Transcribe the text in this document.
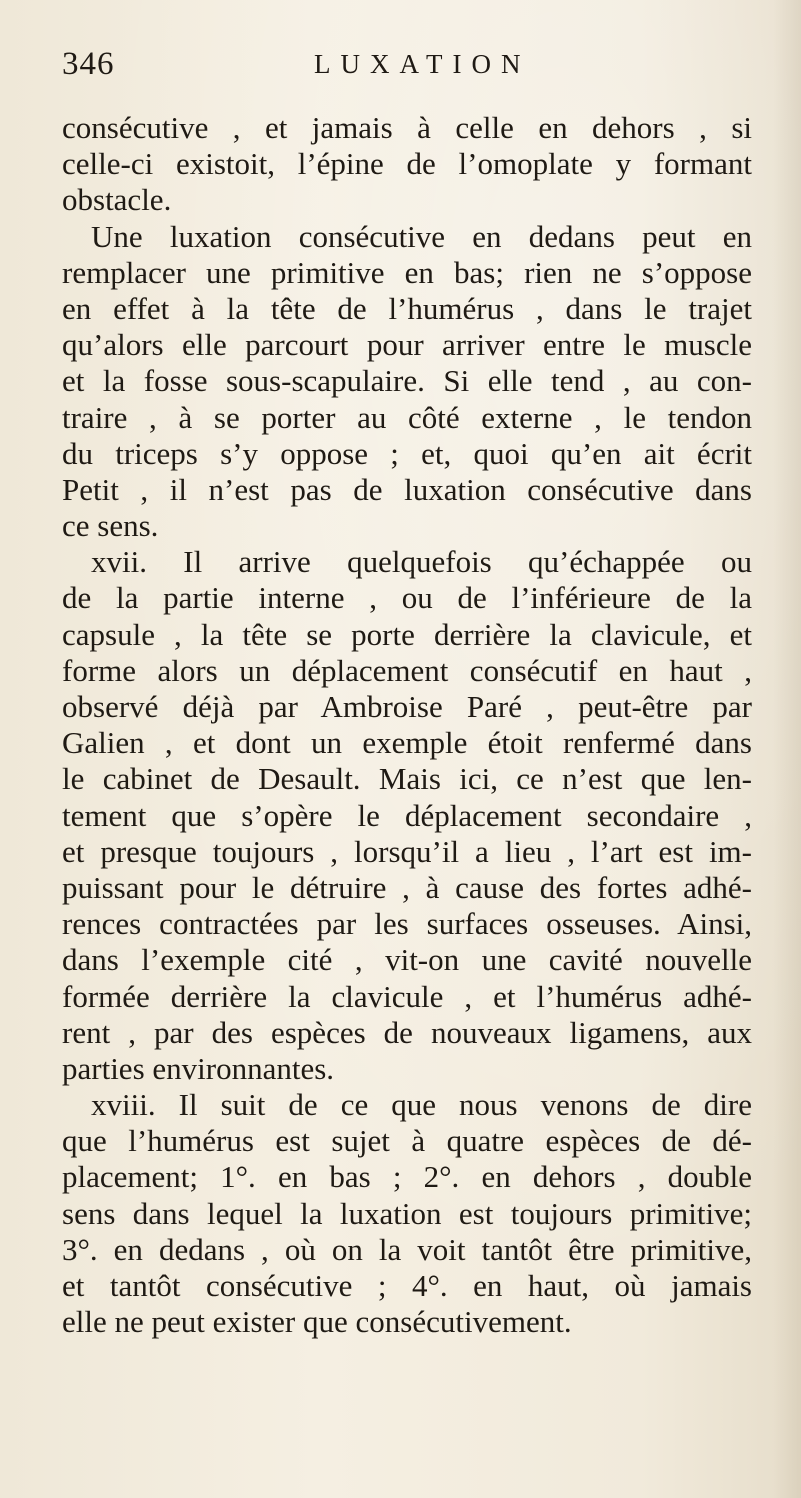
346	LUXATION
consécutive , et jamais à celle en dehors , si
celle-ci existoit, l’épine de l’omoplate y formant
obstacle.
Une luxation consécutive en dedans peut en
remplacer une primitive en bas; rien ne s’oppose
en effet à la tête de l’humérus , dans le trajet
qu’alors elle parcourt pour arriver entre le muscle
et la fosse sous-scapulaire. Si elle tend , au con-
traire , à se porter au côté externe , le tendon
du triceps s’y oppose ; et, quoi qu’en ait écrit
Petit , il n’est pas de luxation consécutive dans
ce sens.
xvii. Il arrive quelquefois qu’échappée ou
de la partie interne , ou de l’inférieure de la
capsule , la tête se porte derrière la clavicule, et
forme alors un déplacement consécutif en haut ,
observé déjà par Ambroise Paré , peut-être par
Galien , et dont un exemple étoit renfermé dans
le cabinet de Desault. Mais ici, ce n’est que len-
tement que s’opère le déplacement secondaire ,
et presque toujours , lorsqu’il a lieu , l’art est im-
puissant pour le détruire , à cause des fortes adhé-
rences contractées par les surfaces osseuses. Ainsi,
dans l’exemple cité , vit-on une cavité nouvelle
formée derrière la clavicule , et l’humérus adhé-
rent , par des espèces de nouveaux ligamens, aux
parties environnantes.
xviii. Il suit de ce que nous venons de dire
que l’humérus est sujet à quatre espèces de dé-
placement; 1°. en bas ; 2°. en dehors , double
sens dans lequel la luxation est toujours primitive;
3°. en dedans , où on la voit tantôt être primitive,
et tantôt consécutive ; 4°. en haut, où jamais
elle ne peut exister que consécutivement.
